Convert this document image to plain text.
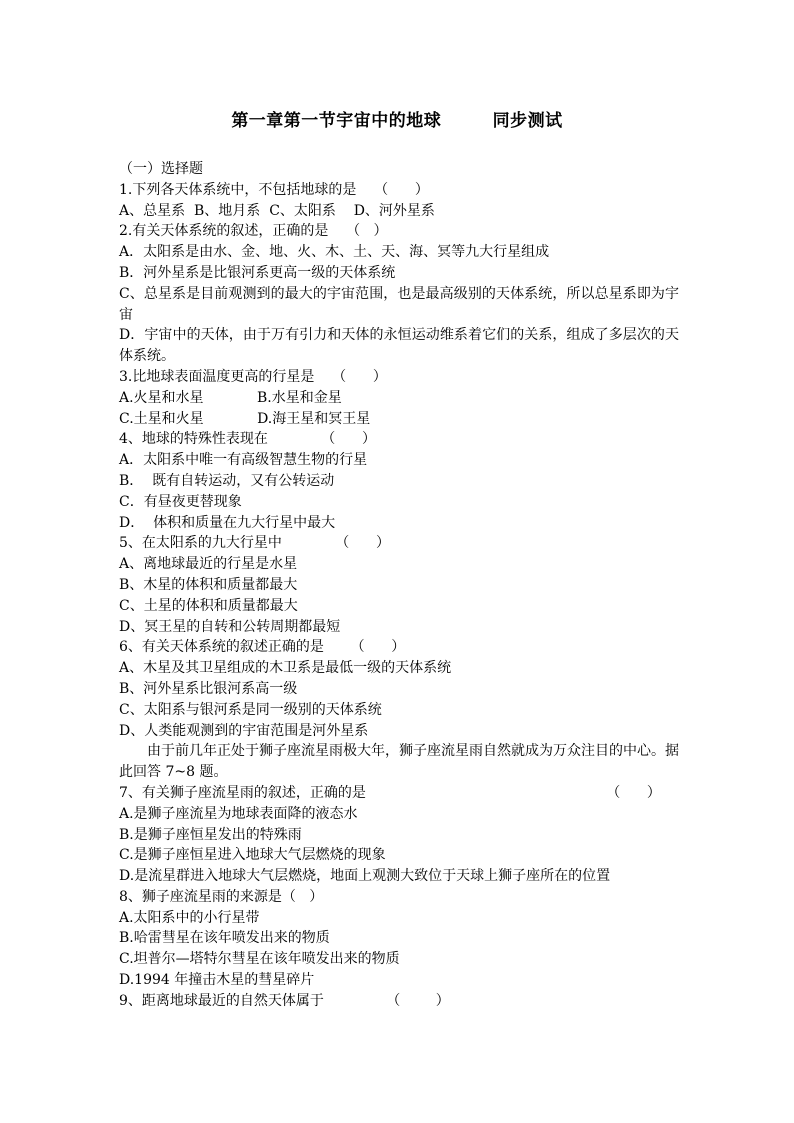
第一章第一节宇宙中的地球        同步测试
（一）选择题
1.下列各天体系统中，不包括地球的是    （      ）
A、总星系  B、地月系  C、太阳系    D、河外星系
2.有关天体系统的叙述，正确的是    （   ）
A．太阳系是由水、金、地、火、木、土、天、海、冥等九大行星组成
B．河外星系是比银河系更高一级的天体系统
C、总星系是目前观测到的最大的宇宙范围，也是最高级别的天体系统，所以总星系即为宇宙
D．宇宙中的天体，由于万有引力和天体的永恒运动维系着它们的关系，组成了多层次的天体系统。
3.比地球表面温度更高的行星是    （      ）
A.火星和水星            B.水星和金星
C.土星和火星            D.海王星和冥王星
4、地球的特殊性表现在            （      ）
A．太阳系中唯一有高级智慧生物的行星
B．  既有自转运动，又有公转运动
C．有昼夜更替现象
D．  体积和质量在九大行星中最大
5、在太阳系的九大行星中            （      ）
A、离地球最近的行星是水星
B、木星的体积和质量都最大
C、土星的体积和质量都最大
D、冥王星的自转和公转周期都最短
6、有关天体系统的叙述正确的是      （      ）
A、木星及其卫星组成的木卫系是最低一级的天体系统
B、河外星系比银河系高一级
C、太阳系与银河系是同一级别的天体系统
D、人类能观测到的宇宙范围是河外星系
由于前几年正处于狮子座流星雨极大年，狮子座流星雨自然就成为万众注目的中心。据此回答 7~8 题。
7、有关狮子座流星雨的叙述，正确的是                                                      （      ）
A.是狮子座流星为地球表面降的液态水
B.是狮子座恒星发出的特殊雨
C.是狮子座恒星进入地球大气层燃烧的现象
D.是流星群进入地球大气层燃烧，地面上观测大致位于天球上狮子座所在的位置
8、狮子座流星雨的来源是（   ）
A.太阳系中的小行星带
B.哈雷彗星在该年喷发出来的物质
C.坦普尔—塔特尔彗星在该年喷发出来的物质
D.1994 年撞击木星的彗星碎片
9、距离地球最近的自然天体属于              （        ）
